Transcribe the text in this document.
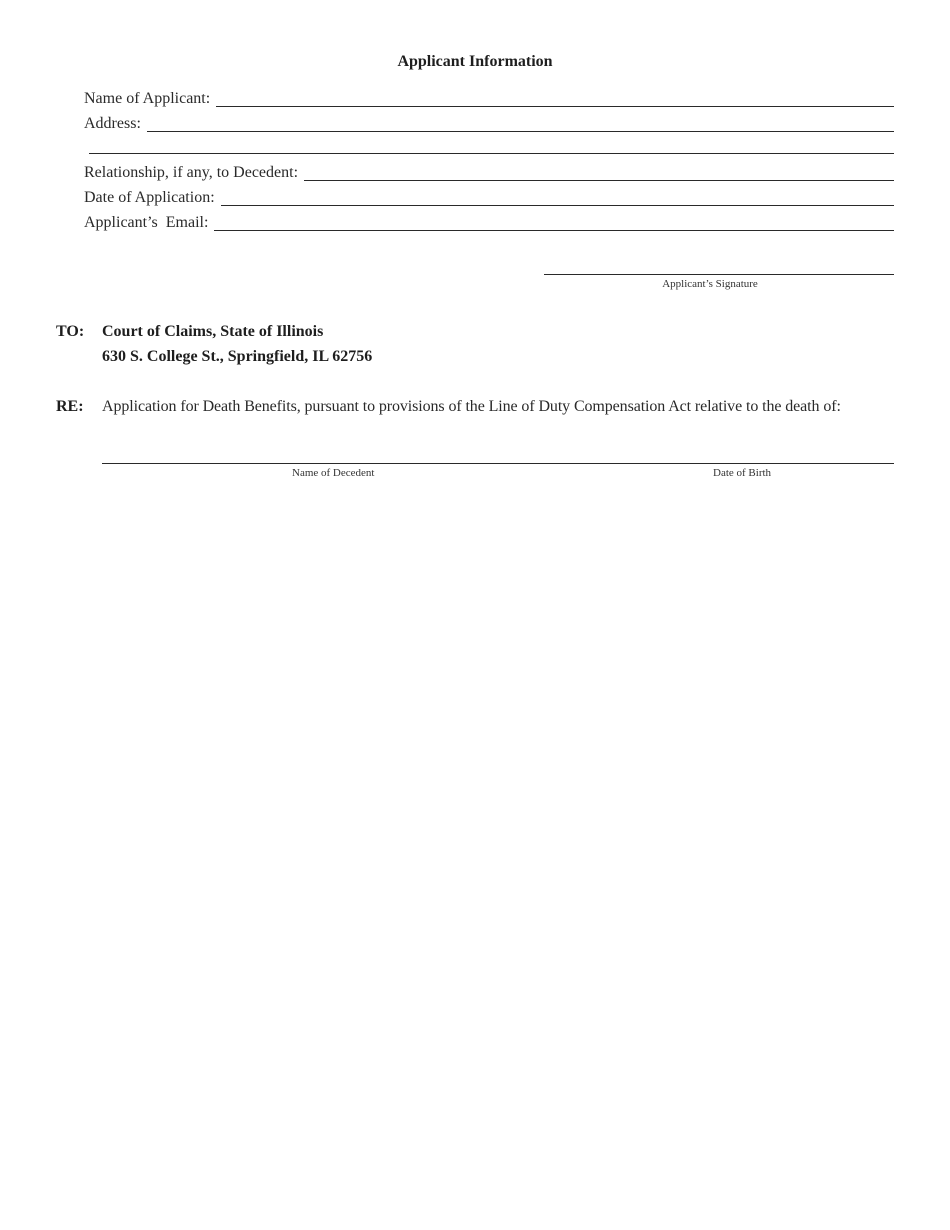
Applicant Information
Name of Applicant:
Address:
Relationship, if any, to Decedent:
Date of Application:
Applicant’s  Email:
Applicant’s Signature
TO: Court of Claims, State of Illinois
630 S. College St., Springfield, IL 62756
RE: Application for Death Benefits, pursuant to provisions of the Line of Duty Compensation Act relative to the death of:
Name of Decedent	Date of Birth
